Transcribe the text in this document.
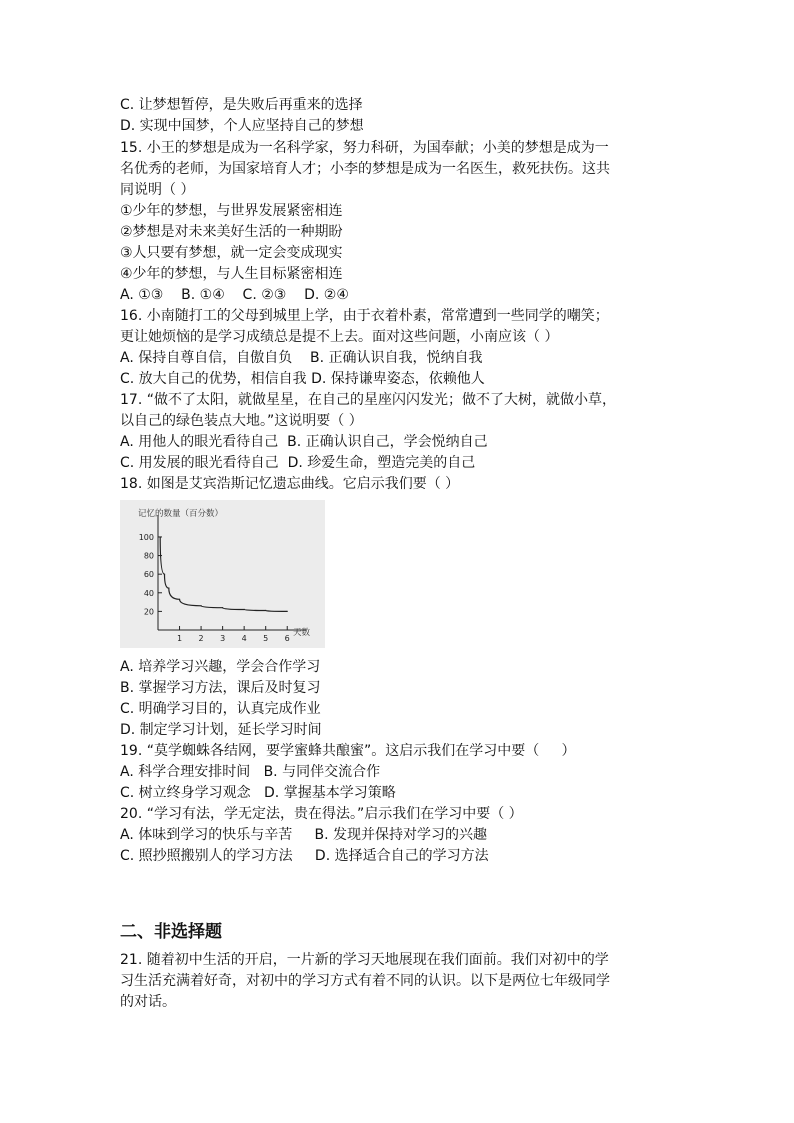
C. 让梦想暂停，是失败后再重来的选择
D. 实现中国梦，个人应坚持自己的梦想
15. 小王的梦想是成为一名科学家，努力科研，为国奉献；小美的梦想是成为一
名优秀的老师，为国家培育人才；小李的梦想是成为一名医生，救死扶伤。这共
同说明（ ）
①少年的梦想，与世界发展紧密相连
②梦想是对未来美好生活的一种期盼
③人只要有梦想，就一定会变成现实
④少年的梦想，与人生目标紧密相连
A. ①③    B. ①④    C. ②③    D. ②④
16. 小南随打工的父母到城里上学，由于衣着朴素，常常遭到一些同学的嘲笑；
更让她烦恼的是学习成绩总是提不上去。面对这些问题，小南应该（ ）
A. 保持自尊自信，自傲自负    B. 正确认识自我，悦纳自我
C. 放大自己的优势，相信自我 D. 保持谦卑姿态，依赖他人
17. “做不了太阳，就做星星，在自己的星座闪闪发光；做不了大树，就做小草，
以自己的绿色装点大地。”这说明要（ ）
A. 用他人的眼光看待自己  B. 正确认识自己，学会悦纳自己
C. 用发展的眼光看待自己  D. 珍爱生命，塑造完美的自己
18. 如图是艾宾浩斯记忆遗忘曲线。它启示我们要（ ）
记忆的数量（百分数）
20
40
60
80
100
1 2 3 4 5 6
天数
A. 培养学习兴趣，学会合作学习
B. 掌握学习方法，课后及时复习
C. 明确学习目的，认真完成作业
D. 制定学习计划，延长学习时间
19. “莫学蜘蛛各结网，要学蜜蜂共酿蜜”。这启示我们在学习中要（     ）
A. 科学合理安排时间   B. 与同伴交流合作
C. 树立终身学习观念   D. 掌握基本学习策略
20. “学习有法，学无定法，贵在得法。”启示我们在学习中要（ ）
A. 体味到学习的快乐与辛苦     B. 发现并保持对学习的兴趣
C. 照抄照搬别人的学习方法     D. 选择适合自己的学习方法
二、非选择题
21. 随着初中生活的开启，一片新的学习天地展现在我们面前。我们对初中的学
习生活充满着好奇，对初中的学习方式有着不同的认识。以下是两位七年级同学
的对话。
